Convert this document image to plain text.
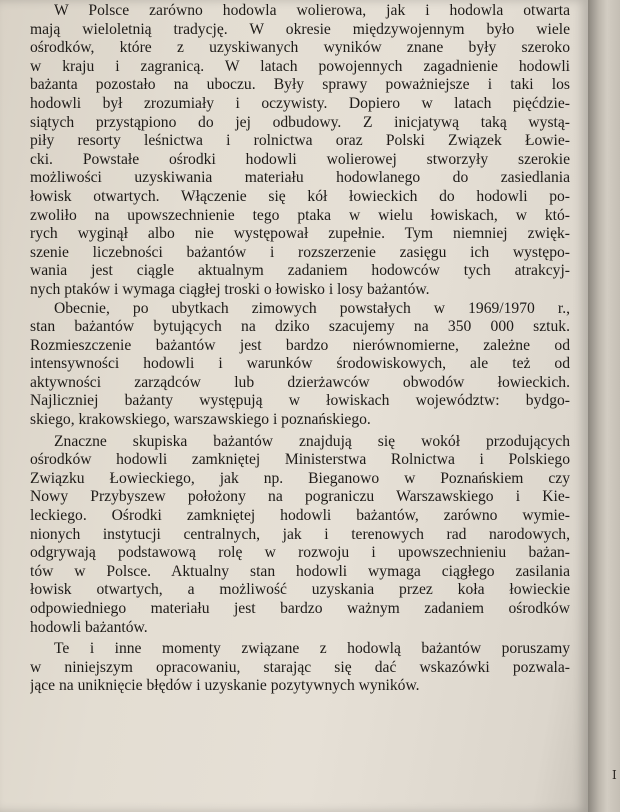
W Polsce zarówno hodowla wolierowa, jak i hodowla otwarta
mają wieloletnią tradycję. W okresie międzywojennym było wiele
ośrodków, które z uzyskiwanych wyników znane były szeroko
w kraju i zagranicą. W latach powojennych zagadnienie hodowli
bażanta pozostało na uboczu. Były sprawy poważniejsze i taki los
hodowli był zrozumiały i oczywisty. Dopiero w latach pięćdzie-
siątych przystąpiono do jej odbudowy. Z inicjatywą taką wystą-
piły resorty leśnictwa i rolnictwa oraz Polski Związek Łowie-
cki. Powstałe ośrodki hodowli wolierowej stworzyły szerokie
możliwości uzyskiwania materiału hodowlanego do zasiedlania
łowisk otwartych. Włączenie się kół łowieckich do hodowli po-
zwoliło na upowszechnienie tego ptaka w wielu łowiskach, w któ-
rych wyginął albo nie występował zupełnie. Tym niemniej zwięk-
szenie liczebności bażantów i rozszerzenie zasięgu ich występo-
wania jest ciągle aktualnym zadaniem hodowców tych atrakcyj-
nych ptaków i wymaga ciągłej troski o łowisko i losy bażantów.
Obecnie, po ubytkach zimowych powstałych w 1969/1970 r.,
stan bażantów bytujących na dziko szacujemy na 350 000 sztuk.
Rozmieszczenie bażantów jest bardzo nierównomierne, zależne od
intensywności hodowli i warunków środowiskowych, ale też od
aktywności zarządców lub dzierżawców obwodów łowieckich.
Najliczniej bażanty występują w łowiskach województw: bydgo-
skiego, krakowskiego, warszawskiego i poznańskiego.
Znaczne skupiska bażantów znajdują się wokół przodujących
ośrodków hodowli zamkniętej Ministerstwa Rolnictwa i Polskiego
Związku Łowieckiego, jak np. Bieganowo w Poznańskiem czy
Nowy Przybyszew położony na pograniczu Warszawskiego i Kie-
leckiego. Ośrodki zamkniętej hodowli bażantów, zarówno wymie-
nionych instytucji centralnych, jak i terenowych rad narodowych,
odgrywają podstawową rolę w rozwoju i upowszechnieniu bażan-
tów w Polsce. Aktualny stan hodowli wymaga ciągłego zasilania
łowisk otwartych, a możliwość uzyskania przez koła łowieckie
odpowiedniego materiału jest bardzo ważnym zadaniem ośrodków
hodowli bażantów.
Te i inne momenty związane z hodowlą bażantów poruszamy
w niniejszym opracowaniu, starając się dać wskazówki pozwala-
jące na uniknięcie błędów i uzyskanie pozytywnych wyników.
I
